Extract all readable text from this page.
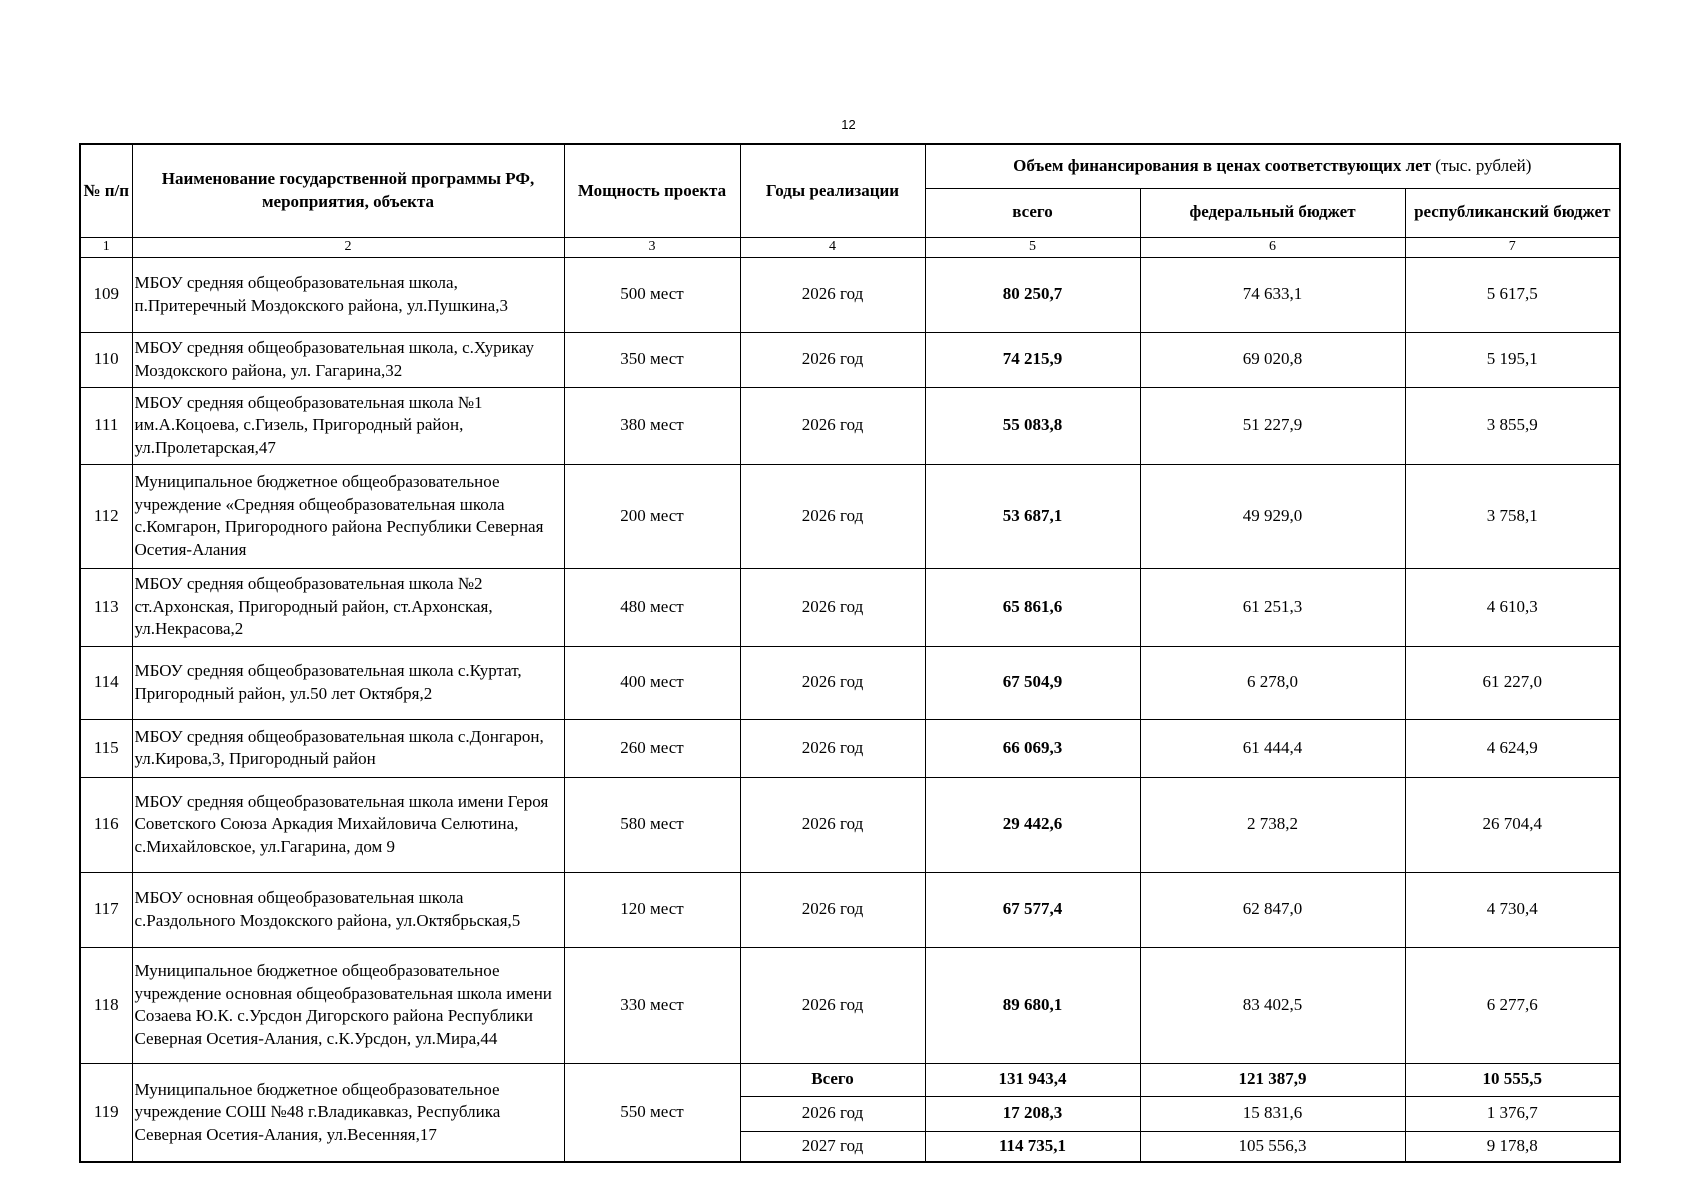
12
№ п/п	Наименование государственной программы РФ, мероприятия, объекта	Мощность проекта	Годы реализации	Объем финансирования в ценах соответствующих лет (тыс. рублей)		
				всего	федеральный бюджет	республиканский бюджет
1	2	3	4	5	6	7
109	МБОУ средняя общеобразовательная школа, п.Притеречный Моздокского района, ул.Пушкина,3	500 мест	2026 год	80 250,7	74 633,1	5 617,5
110	МБОУ средняя общеобразовательная школа, с.Хурикау Моздокского района, ул. Гагарина,32	350 мест	2026 год	74 215,9	69 020,8	5 195,1
111	МБОУ средняя общеобразовательная школа №1 им.А.Коцоева, с.Гизель, Пригородный район, ул.Пролетарская,47	380 мест	2026 год	55 083,8	51 227,9	3 855,9
112	Муниципальное бюджетное общеобразовательное учреждение «Средняя общеобразовательная школа с.Комгарон, Пригородного района Республики Северная Осетия-Алания	200 мест	2026 год	53 687,1	49 929,0	3 758,1
113	МБОУ средняя общеобразовательная школа №2 ст.Архонская, Пригородный район, ст.Архонская, ул.Некрасова,2	480 мест	2026 год	65 861,6	61 251,3	4 610,3
114	МБОУ средняя общеобразовательная школа с.Куртат, Пригородный район, ул.50 лет Октября,2	400 мест	2026 год	67 504,9	6 278,0	61 227,0
115	МБОУ средняя общеобразовательная школа с.Донгарон, ул.Кирова,3, Пригородный район	260 мест	2026 год	66 069,3	61 444,4	4 624,9
116	МБОУ средняя общеобразовательная школа имени Героя Советского Союза Аркадия Михайловича Селютина, с.Михайловское, ул.Гагарина, дом 9	580 мест	2026 год	29 442,6	2 738,2	26 704,4
117	МБОУ основная общеобразовательная школа с.Раздольного Моздокского района, ул.Октябрьская,5	120 мест	2026 год	67 577,4	62 847,0	4 730,4
118	Муниципальное бюджетное общеобразовательное учреждение основная общеобразовательная школа имени Созаева Ю.К. с.Урсдон Дигорского района Республики Северная Осетия-Алания, с.К.Урсдон, ул.Мира,44	330 мест	2026 год	89 680,1	83 402,5	6 277,6
119	Муниципальное бюджетное общеобразовательное учреждение СОШ №48 г.Владикавказ, Республика Северная Осетия-Алания, ул.Весенняя,17	550 мест	Всего	131 943,4	121 387,9	10 555,5
			2026 год	17 208,3	15 831,6	1 376,7
			2027 год	114 735,1	105 556,3	9 178,8
